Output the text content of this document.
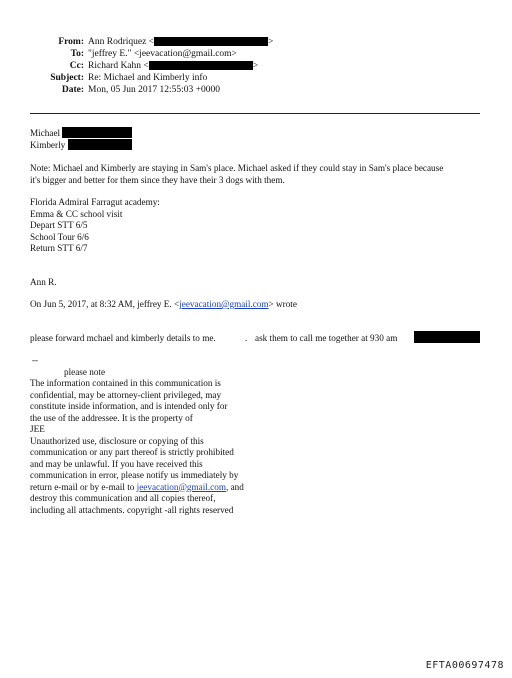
From: Ann Rodriquez <	>
To: "jeffrey E." <jeevacation@gmail.com>
Cc: Richard Kahn <	>
Subject: Re: Michael and Kimberly info
Date: Mon, 05 Jun 2017 12:55:03 +0000
Michael
Kimberly
Note: Michael and Kimberly are staying in Sam's place. Michael asked if they could stay in Sam's place because
it's bigger and better for them since they have their 3 dogs with them.
Florida Admiral Farragut academy:
Emma & CC school visit
Depart STT 6/5
School Tour 6/6
Return STT 6/7
Ann R.
On Jun 5, 2017, at 8:32 AM, jeffrey E. <jeevacation@gmail.com> wrote
please forward mchael and kimberly details to me.	. ask them to call me together at 930 am
--
please note
The information contained in this communication is
confidential, may be attorney-client privileged, may
constitute inside information, and is intended only for
the use of the addressee. It is the property of
JEE
Unauthorized use, disclosure or copying of this
communication or any part thereof is strictly prohibited
and may be unlawful. If you have received this
communication in error, please notify us immediately by
return e-mail or by e-mail to jeevacation@gmail.com, and
destroy this communication and all copies thereof,
including all attachments. copyright -all rights reserved
EFTA00697478
